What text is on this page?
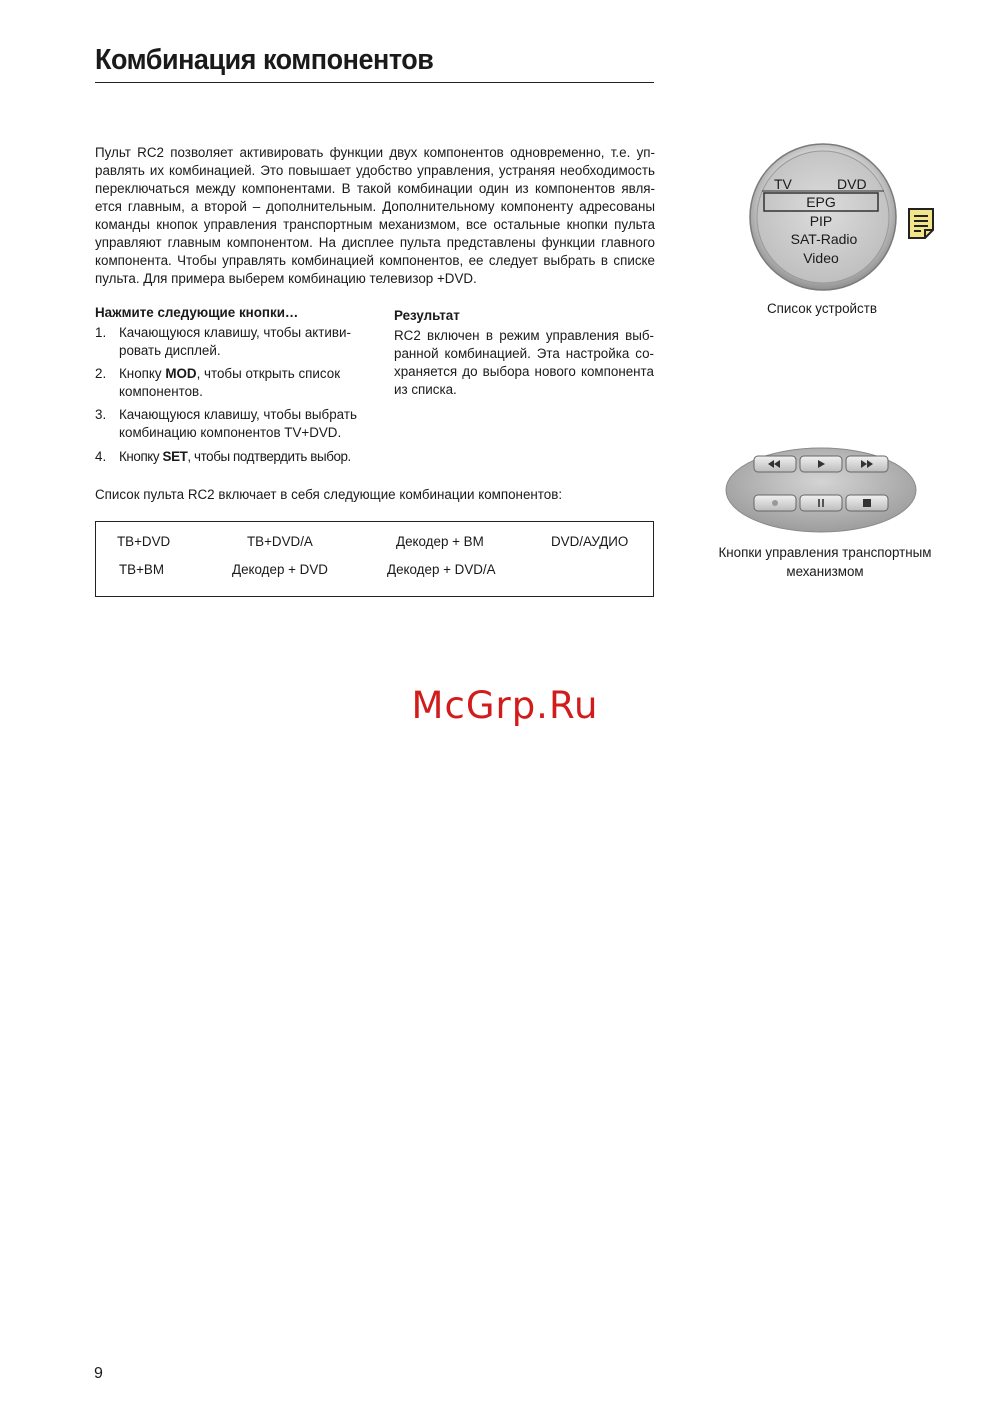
Комбинация компонентов
Пульт RC2 позволяет активировать функции двух компонентов одновременно, т.е. уп-
равлять их комбинацией. Это повышает удобство управления, устраняя необходимость
переключаться между компонентами. В такой комбинации один из компонентов явля-
ется главным, а второй – дополнительным. Дополнительному компоненту адресованы
команды кнопок управления транспортным механизмом, все остальные кнопки пульта
управляют главным компонентом. На дисплее пульта представлены функции главного
компонента. Чтобы управлять комбинацией компонентов, ее следует выбрать в списке
пульта. Для примера выберем комбинацию телевизор +DVD.
Нажмите следующие кнопки…
1. Качающуюся клавишу, чтобы активи-
ровать дисплей.
2. Кнопку MOD, чтобы открыть список
компонентов.
3. Качающуюся клавишу, чтобы выбрать
комбинацию компонентов TV+DVD.
4. Кнопку SET, чтобы подтвердить выбор.
Результат
RC2 включен в режим управления выб-
ранной комбинацией. Эта настройка со-
храняется до выбора нового компонента
из списка.
Список пульта RC2 включает в себя следующие комбинации компонентов:
ТВ+DVD	ТВ+DVD/A	Декодер + ВМ	DVD/АУДИО
ТВ+ВМ	Декодер + DVD	Декодер + DVD/A
TV	DVD
EPG
PIP
SAT-Radio
Video
Список устройств
Кнопки управления транспортным
механизмом
McGrp.Ru
9
